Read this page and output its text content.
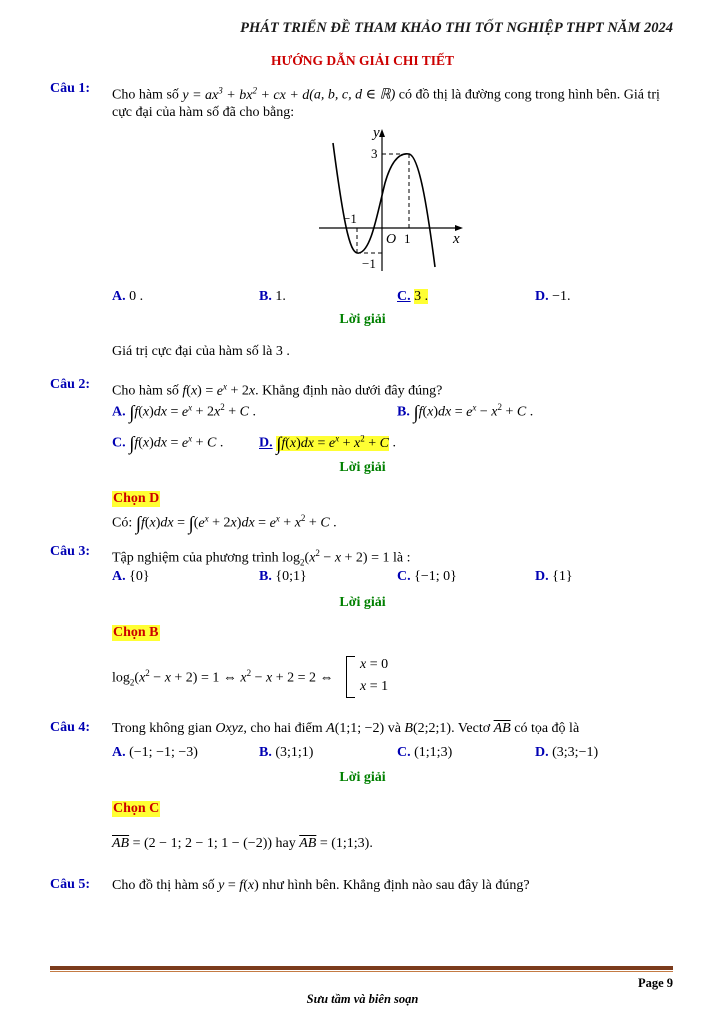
PHÁT TRIỂN ĐỀ THAM KHẢO THI TỐT NGHIỆP THPT NĂM 2024
HƯỚNG DẪN GIẢI CHI TIẾT
Câu 1: Cho hàm số $y = ax^3 + bx^2$ + cx + d(a, b, c, d ∈ ℝ) có đồ thị là đường cong trong hình bên. Giá trị
cực đại của hàm số đã cho bằng:
y
x
3
−1
−1
O 1
A. 0 .	B. 1.	C. 3 .	D. −1.
Lời giải
Giá trị cực đại của hàm số là 3 .
Câu 2: Cho hàm số $f(x) = e^x + 2x$. Khẳng định nào dưới đây đúng?
A. $\int f(x)dx = e^x + 2x^2 + C$ .	B. $\int f(x)dx = e^x - x^2 + C$ .
C. $\int f(x)dx = e^x + C$ .	D. $\int f(x)dx = e^x + x^2 + C$ .
Lời giải
Chọn D
Có: $\int f(x)dx = \int(e^x + 2x)dx = e^x + x^2 + C$ .
Câu 3: Tập nghiệm của phương trình $\log_2(x^2 - x + 2) = 1$ là :
A. {0}	B. {0;1}	C. {−1; 0}	D. {1}
Lời giải
Chọn B
$\log_2(x^2 - x + 2) = 1$ ⇔ $x^2 - x + 2 = 2$ ⇔
x = 0
x = 1
Câu 4: Trong không gian Oxyz, cho hai điểm A(1;1; −2) và B(2;2;1). Vectơ $\overline{AB}$ có tọa độ là
A. (−1; −1; −3)	B. (3;1;1)	C. (1;1;3)	D. (3;3;−1)
Lời giải
Chọn C
$\overline{AB} = (2 - 1$; 2 − 1; 1 − (−2)) hay $\overline{AB}$ = (1;1;3).
Câu 5: Cho đồ thị hàm số y = f(x) như hình bên. Khẳng định nào sau đây là đúng?
Page 9
Sưu tầm và biên soạn
